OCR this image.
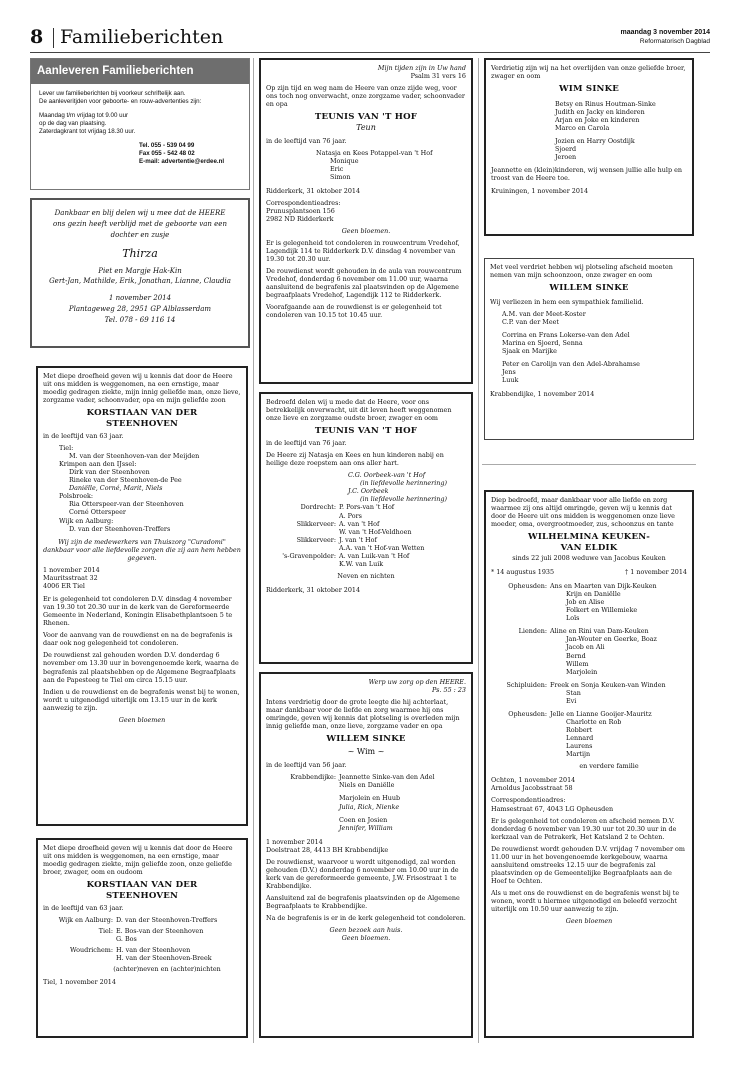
8 Familieberichten	maandag 3 november 2014
Reformatorisch Dagblad
Aanleveren Familieberichten
Lever uw familieberichten bij voorkeur schriftelijk aan.
De aanleveritjden voor geboorte- en rouw-advertenties zijn:
Maandag t/m vrijdag tot 9.00 uur
op de dag van plaatsing.
Zaterdagkrant tot vrijdag 18.30 uur.
Tel. 055 - 539 04 99
Fax 055 - 542 48 02
E-mail: advertentie@erdee.nl
Dankbaar en blij delen wij u mee dat de HEERE ons gezin heeft verblijd met de geboorte van een dochter en zusje
Thirza
Piet en Margje Hak-Kin
Gert-Jan, Mathilde, Erik, Jonathan, Lianne, Claudia
1 november 2014
Plantageweg 28, 2951 GP Alblasserdam
Tel. 078 - 69 116 14

Met diepe droefheid geven wij u kennis dat door de Heere uit ons midden is weggenomen, na een ernstige, maar moedig gedragen ziekte, mijn innig geliefde man, onze lieve, zorgzame vader, schoonvader, opa en mijn geliefde zoon

KORSTIAAN VAN DER
STEENHOVEN

in de leeftijd van 63 jaar.

Tiel:
M. van der Steenhoven-van der Meijden
Krimpen aan den IJssel:
Dirk van der Steenhoven
Rineke van der Steenhoven-de Pee
Daniëlle, Corné, Marit, Niels
Polsbroek:
Ria Otterspeer-van der Steenhoven
Corné Otterspeer
Wijk en Aalburg:
D. van der Steenhoven-Treffers

Wij zijn de medewerkers van Thuiszorg "Curadomi" dankbaar voor alle liefdevolle zorgen die zij aan hem hebben gegeven.

1 november 2014
Mauritsstraat 32
4006 ER Tiel

Er is gelegenheid tot condoleren D.V. dinsdag 4 november van 19.30 tot 20.30 uur in de kerk van de Gereformeerde Gemeente in Nederland, Koningin Elisabethplantsoen 5 te Rhenen.

Voor de aanvang van de rouwdienst en na de begrafenis is daar ook nog gelegenheid tot condoleren.

De rouwdienst zal gehouden worden D.V. donderdag 6 november om 13.30 uur in bovengenoemde kerk, waarna de begrafenis zal plaatshebben op de Algemene Begraafplaats aan de Papesteeg te Tiel om circa 15.15 uur.

Indien u de rouwdienst en de begrafenis wenst bij te wonen, wordt u uitgenodigd uiterlijk om 13.15 uur in de kerk aanwezig te zijn.

Geen bloemen

Met diepe droefheid geven wij u kennis dat door de Heere uit ons midden is weggenomen, na een ernstige, maar moedig gedragen ziekte, mijn geliefde zoon, onze geliefde broer, zwager, oom en oudoom

KORSTIAAN VAN DER
STEENHOVEN

in de leeftijd van 63 jaar.

Wijk en Aalburg: D. van der Steenhoven-Treffers
Tiel: E. Bos-van der Steenhoven
G. Bos
Woudrichem: H. van der Steenhoven
H. van der Steenhoven-Breek
(achter)neven en (achter)nichten
Tiel, 1 november 2014
Mijn tijden zijn in Uw hand
Psalm 31 vers 16

Op zijn tijd en weg nam de Heere van onze zijde weg, voor ons toch nog onverwacht, onze zorgzame vader, schoonvader en opa

TEUNIS VAN 'T HOF
Teun

in de leeftijd van 76 jaar.

Natasja en Kees Potappel-van 't Hof
Monique
Eric
Simon

Ridderkerk, 31 oktober 2014

Correspondentieadres:
Prunusplantsoen 156
2982 ND Ridderkerk

Geen bloemen.

Er is gelegenheid tot condoleren in rouwcentrum Vredehof, Lagendijk 114 te Ridderkerk D.V. dinsdag 4 november van 19.30 tot 20.30 uur.

De rouwdienst wordt gehouden in de aula van rouwcentrum Vredehof, donderdag 6 november om 11.00 uur, waarna aansluitend de begrafenis zal plaatsvinden op de Algemene begraafplaats Vredehof, Lagendijk 112 te Ridderkerk.

Voorafgaande aan de rouwdienst is er gelegenheid tot condoleren van 10.15 tot 10.45 uur.

Bedroefd delen wij u mede dat de Heere, voor ons betrekkelijk onverwacht, uit dit leven heeft weggenomen onze lieve en zorgzame oudste broer, zwager en oom

TEUNIS VAN 'T HOF

in de leeftijd van 76 jaar.

De Heere zij Natasja en Kees en hun kinderen nabij en heilige deze roepstem aan ons aller hart.

C.G. Oorbeek-van 't Hof
(in liefdevolle herinnering)
J.C. Oorbeek
(in liefdevolle herinnering)
Dordrecht: P. Pors-van 't Hof
A. Pors
Slikkerveer: A. van 't Hof
W. van 't Hof-Veldhoen
Slikkerveer: J. van 't Hof
A.A. van 't Hof-van Wetten
's-Gravenpolder: A. van Luik-van 't Hof
K.W. van Luik
Neven en nichten
Ridderkerk, 31 oktober 2014
Werp uw zorg op den HEERE.
Ps. 55 : 23

Intens verdrietig door de grote leegte die hij achterlaat, maar dankbaar voor de liefde en zorg waarmee hij ons omringde, geven wij kennis dat plotseling is overleden mijn innig geliefde man, onze lieve, zorgzame vader en opa

WILLEM SINKE
~ Wim ~

in de leeftijd van 56 jaar.

Krabbendijke: Jeannette Sinke-van den Adel
Niels en Daniëlle
Marjolein en Huub
Julia, Rick, Nienke
Coen en Josien
Jennifer, William
1 november 2014
Doelstraat 28, 4413 BH Krabbendijke

De rouwdienst, waarvoor u wordt uitgenodigd, zal worden gehouden (D.V.) donderdag 6 november om 10.00 uur in de kerk van de gereformeerde gemeente, J.W. Frisostraat 1 te Krabbendijke.

Aansluitend zal de begrafenis plaatsvinden op de Algemene Begraafplaats te Krabbendijke.

Na de begrafenis is er in de kerk gelegenheid tot condoleren.

Geen bezoek aan huis.
Geen bloemen.

Verdrietig zijn wij na het overlijden van onze geliefde broer, zwager en oom

WIM SINKE
Betsy en Rinus Houtman-Sinke
Judith en Jacky en kinderen
Arjan en Joke en kinderen
Marco en Carola
Jozien en Harry Oostdijk
Sjoerd
Jeroen

Jeannette en (klein)kinderen, wij wensen jullie alle hulp en troost van de Heere toe.

Kruiningen, 1 november 2014

Met veel verdriet hebben wij plotseling afscheid moeten nemen van mijn schoonzoon, onze zwager en oom

WILLEM SINKE

Wij verliezen in hem een sympathiek familielid.

A.M. van der Meet-Koster
C.P. van der Meet
Corrina en Frans Lokerse-van den Adel
Marina en Sjoerd, Senna
Sjaak en Marijke
Peter en Carolijn van den Adel-Abrahamse
Jens
Luuk
Krabbendijke, 1 november 2014

Diep bedroefd, maar dankbaar voor alle liefde en zorg waarmee zij ons altijd omringde, geven wij u kennis dat door de Heere uit ons midden is weggenomen onze lieve moeder, oma, overgrootmoeder, zus, schoonzus en tante

WILHELMINA KEUKEN-
VAN ELDIK
sinds 22 juli 2008 weduwe van Jacobus Keuken
* 14 augustus 1935	† 1 november 2014
Opheusden: Ans en Maarten van Dijk-Keuken
Krijn en Daniëlle
Job en Alise
Folkert en Willemieke
Loïs
Lienden: Aline en Rini van Dam-Keuken
Jan-Wouter en Geerke, Boaz
Jacob en Ali
Bernd
Willem
Marjolein
Schipluiden: Freek en Sonja Keuken-van Winden
Stan
Evi
Opheusden: Jelle en Lianne Gooijer-Mauritz
Charlotte en Rob
Robbert
Lennard
Laurens
Martijn
en verdere familie
Ochten, 1 november 2014
Arnoldus Jacobsstraat 58
Correspondentieadres:
Hamsestraat 67, 4043 LG Opheusden

Er is gelegenheid tot condoleren en afscheid nemen D.V. donderdag 6 november van 19.30 uur tot 20.30 uur in de kerkzaal van de Petrakerk, Het Katsland 2 te Ochten.

De rouwdienst wordt gehouden D.V. vrijdag 7 november om 11.00 uur in het bovengenoemde kerkgebouw, waarna aansluitend omstreeks 12.15 uur de begrafenis zal plaatsvinden op de Gemeentelijke Begraafplaats aan de Hoef te Ochten.

Als u met ons de rouwdienst en de begrafenis wenst bij te wonen, wordt u hiermee uitgenodigd en beleefd verzocht uiterlijk om 10.50 uur aanwezig te zijn.

Geen bloemen
